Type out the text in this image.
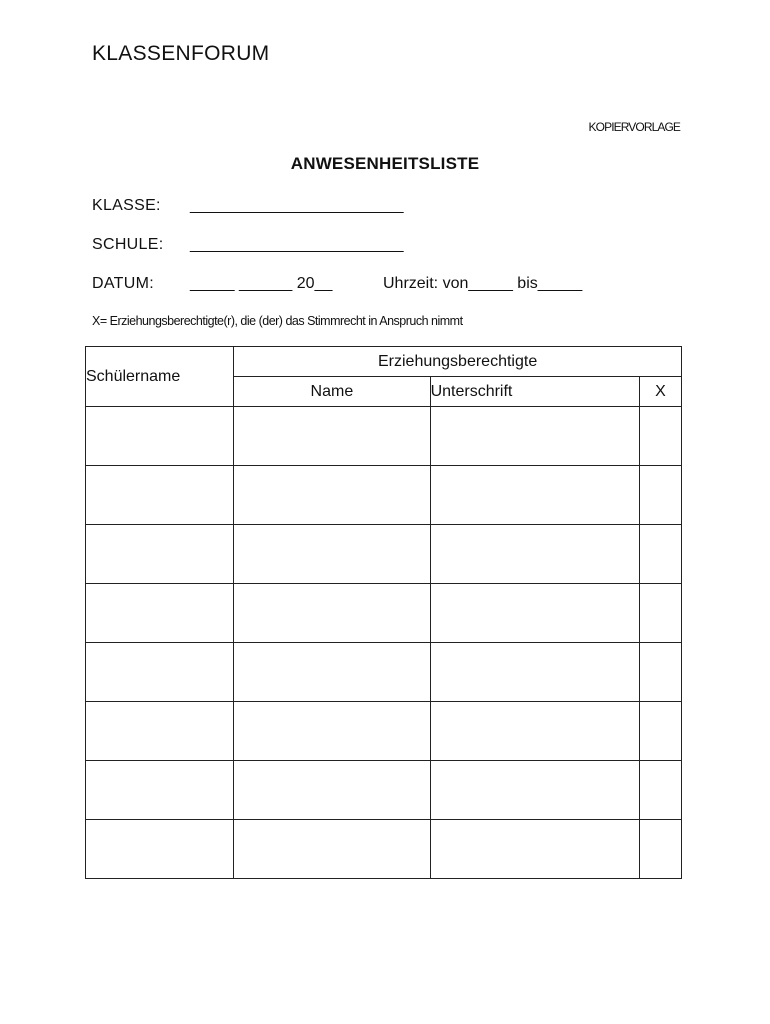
KLASSENFORUM
KOPIERVORLAGE
ANWESENHEITSLISTE
KLASSE: ________________________
SCHULE: ________________________
DATUM: _____ ______ 20__	Uhrzeit: von_____ bis_____
X= Erziehungsberechtigte(r), die (der) das Stimmrecht in Anspruch nimmt
Schülername	Erziehungsberechtigte		
	Name	Unterschrift	X
